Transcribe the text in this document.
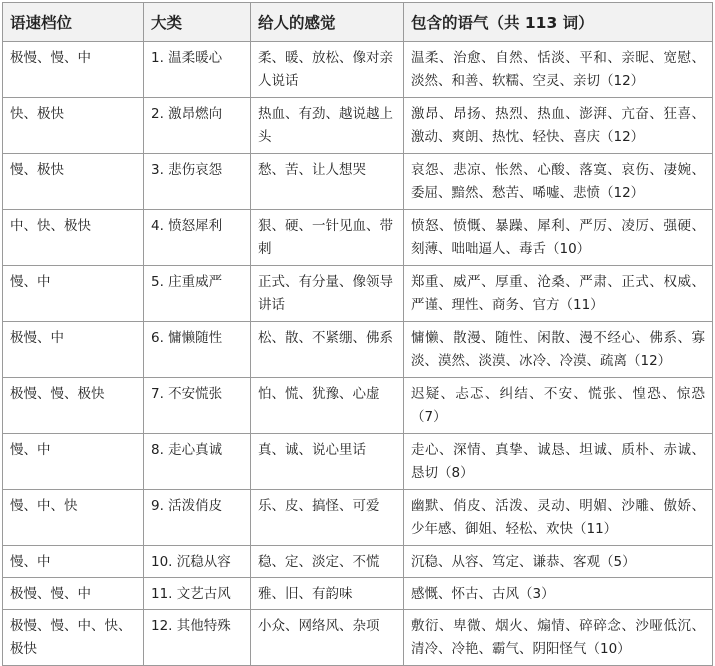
语速档位	大类	给人的感觉	包含的语气（共 113 词）
极慢、慢、中	1. 温柔暖心	柔、暖、放松、像对亲人说话	温柔、治愈、自然、恬淡、平和、亲昵、宽慰、淡然、和善、软糯、空灵、亲切（12）
快、极快	2. 激昂燃向	热血、有劲、越说越上头	激昂、昂扬、热烈、热血、澎湃、亢奋、狂喜、激动、爽朗、热忱、轻快、喜庆（12）
慢、极快	3. 悲伤哀怨	愁、苦、让人想哭	哀怨、悲凉、怅然、心酸、落寞、哀伤、凄婉、委屈、黯然、愁苦、唏嘘、悲愤（12）
中、快、极快	4. 愤怒犀利	狠、硬、一针见血、带刺	愤怒、愤慨、暴躁、犀利、严厉、凌厉、强硬、刻薄、咄咄逼人、毒舌（10）
慢、中	5. 庄重威严	正式、有分量、像领导讲话	郑重、威严、厚重、沧桑、严肃、正式、权威、严谨、理性、商务、官方（11）
极慢、中	6. 慵懒随性	松、散、不紧绷、佛系	慵懒、散漫、随性、闲散、漫不经心、佛系、寡淡、漠然、淡漠、冰冷、冷漠、疏离（12）
极慢、慢、极快	7. 不安慌张	怕、慌、犹豫、心虚	迟疑、忐忑、纠结、不安、慌张、惶恐、惊恐（7）
慢、中	8. 走心真诚	真、诚、说心里话	走心、深情、真挚、诚恳、坦诚、质朴、赤诚、恳切（8）
慢、中、快	9. 活泼俏皮	乐、皮、搞怪、可爱	幽默、俏皮、活泼、灵动、明媚、沙雕、傲娇、少年感、御姐、轻松、欢快（11）
慢、中	10. 沉稳从容	稳、定、淡定、不慌	沉稳、从容、笃定、谦恭、客观（5）
极慢、慢、中	11. 文艺古风	雅、旧、有韵味	感慨、怀古、古风（3）
极慢、慢、中、快、极快	12. 其他特殊	小众、网络风、杂项	敷衍、卑微、烟火、煽情、碎碎念、沙哑低沉、清冷、冷艳、霸气、阴阳怪气（10）
